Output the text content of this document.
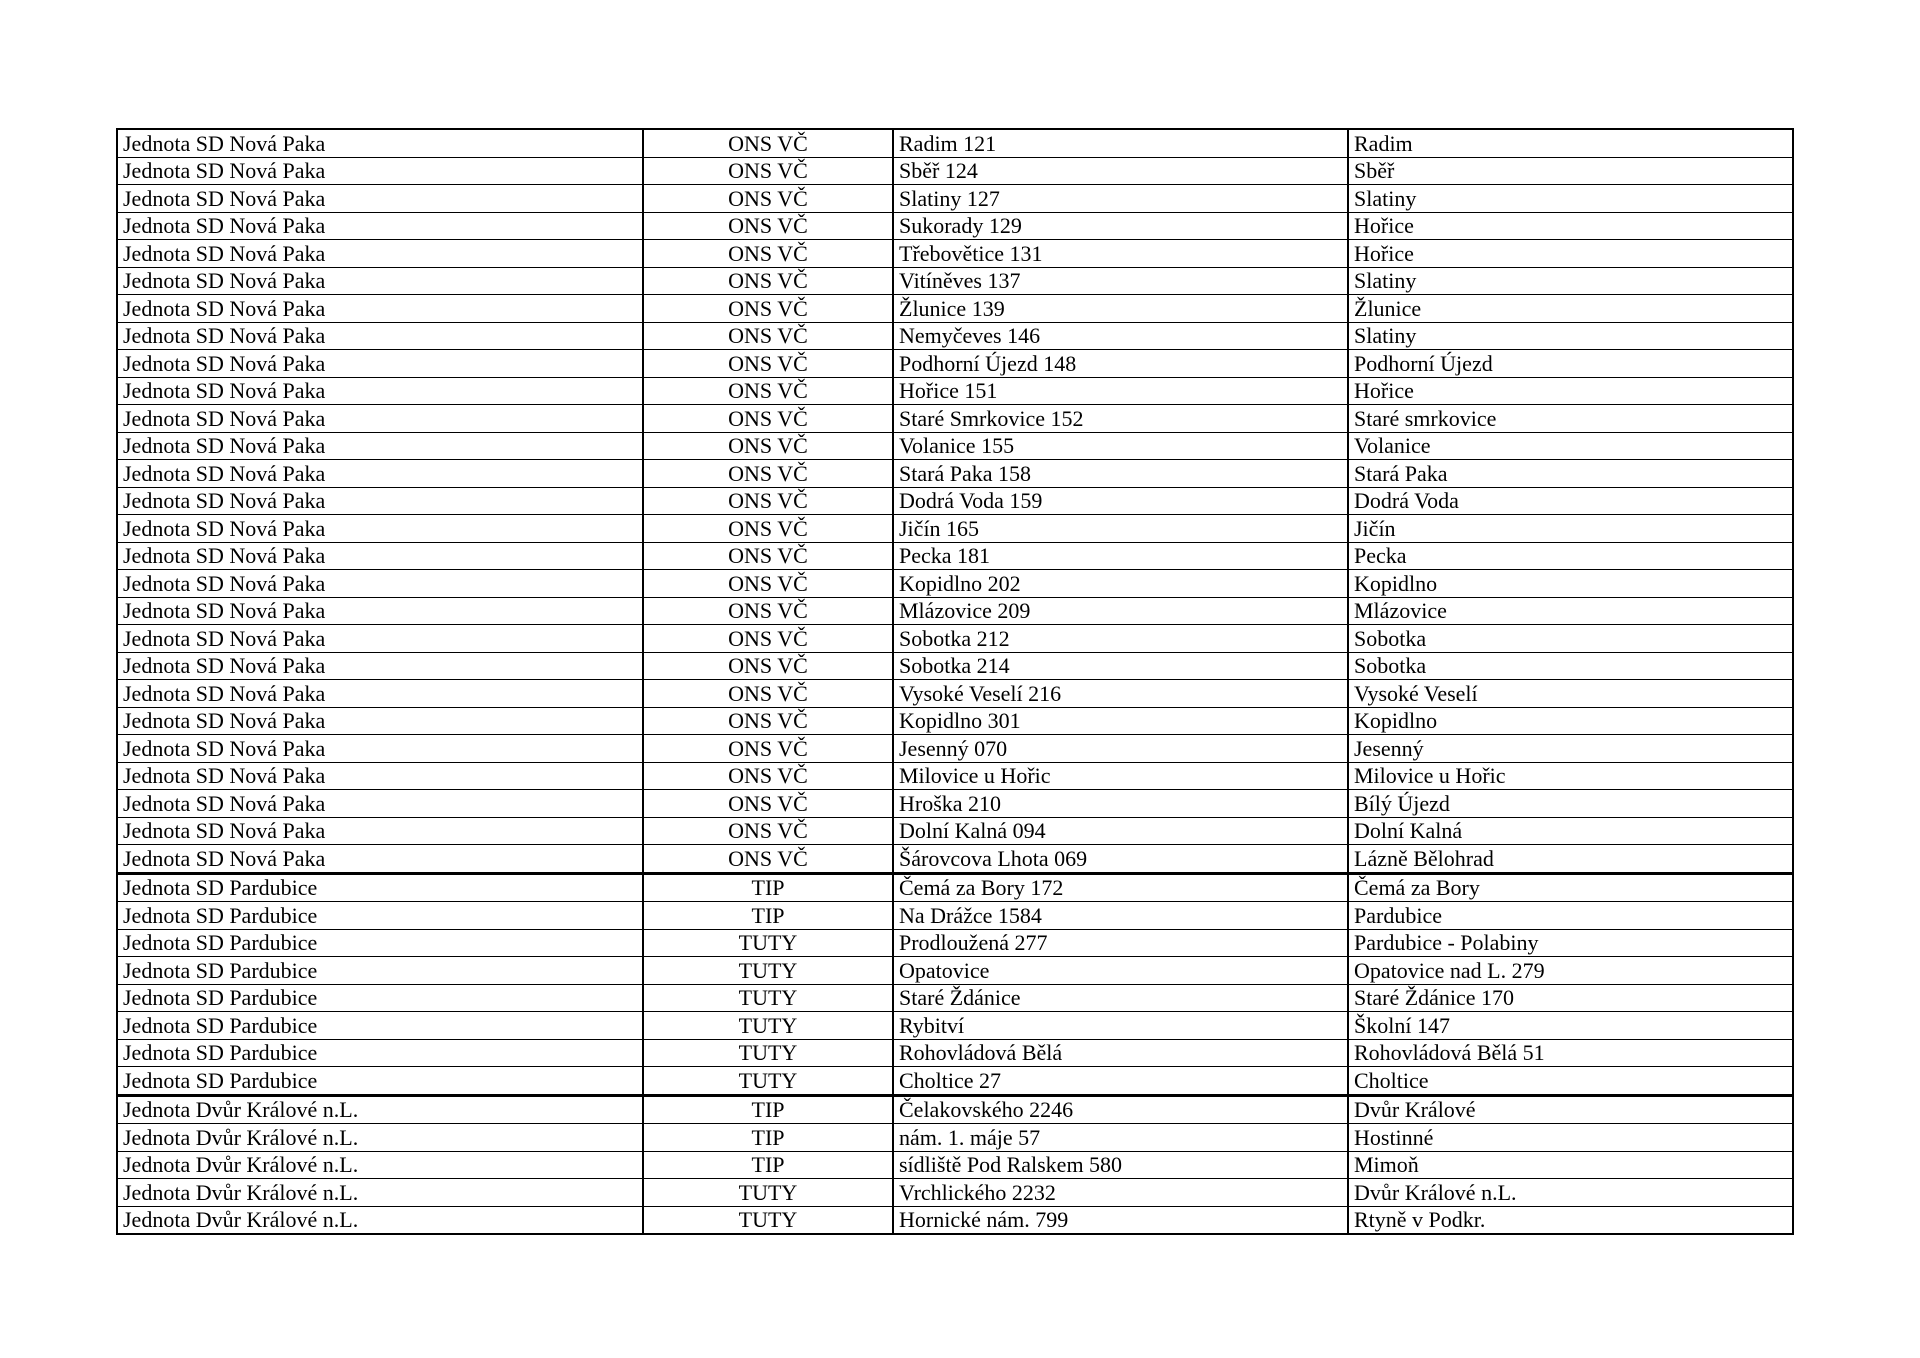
Jednota SD Nová Paka	ONS VČ	Radim 121	Radim
Jednota SD Nová Paka	ONS VČ	Sběř 124	Sběř
Jednota SD Nová Paka	ONS VČ	Slatiny 127	Slatiny
Jednota SD Nová Paka	ONS VČ	Sukorady 129	Hořice
Jednota SD Nová Paka	ONS VČ	Třebovětice 131	Hořice
Jednota SD Nová Paka	ONS VČ	Vitíněves 137	Slatiny
Jednota SD Nová Paka	ONS VČ	Žlunice 139	Žlunice
Jednota SD Nová Paka	ONS VČ	Nemyčeves 146	Slatiny
Jednota SD Nová Paka	ONS VČ	Podhorní Újezd 148	Podhorní Újezd
Jednota SD Nová Paka	ONS VČ	Hořice 151	Hořice
Jednota SD Nová Paka	ONS VČ	Staré Smrkovice 152	Staré smrkovice
Jednota SD Nová Paka	ONS VČ	Volanice 155	Volanice
Jednota SD Nová Paka	ONS VČ	Stará Paka 158	Stará Paka
Jednota SD Nová Paka	ONS VČ	Dodrá Voda 159	Dodrá Voda
Jednota SD Nová Paka	ONS VČ	Jičín 165	Jičín
Jednota SD Nová Paka	ONS VČ	Pecka 181	Pecka
Jednota SD Nová Paka	ONS VČ	Kopidlno 202	Kopidlno
Jednota SD Nová Paka	ONS VČ	Mlázovice 209	Mlázovice
Jednota SD Nová Paka	ONS VČ	Sobotka 212	Sobotka
Jednota SD Nová Paka	ONS VČ	Sobotka 214	Sobotka
Jednota SD Nová Paka	ONS VČ	Vysoké Veselí 216	Vysoké Veselí
Jednota SD Nová Paka	ONS VČ	Kopidlno 301	Kopidlno
Jednota SD Nová Paka	ONS VČ	Jesenný 070	Jesenný
Jednota SD Nová Paka	ONS VČ	Milovice u Hořic	Milovice u Hořic
Jednota SD Nová Paka	ONS VČ	Hroška 210	Bílý Újezd
Jednota SD Nová Paka	ONS VČ	Dolní Kalná 094	Dolní Kalná
Jednota SD Nová Paka	ONS VČ	Šárovcova Lhota 069	Lázně Bělohrad
Jednota SD Pardubice	TIP	Čemá za Bory 172	Čemá za Bory
Jednota SD Pardubice	TIP	Na Drážce 1584	Pardubice
Jednota SD Pardubice	TUTY	Prodloužená 277	Pardubice - Polabiny
Jednota SD Pardubice	TUTY	Opatovice	Opatovice nad L. 279
Jednota SD Pardubice	TUTY	Staré Ždánice	Staré Ždánice 170
Jednota SD Pardubice	TUTY	Rybitví	Školní 147
Jednota SD Pardubice	TUTY	Rohovládová Bělá	Rohovládová Bělá 51
Jednota SD Pardubice	TUTY	Choltice 27	Choltice
Jednota Dvůr Králové n.L.	TIP	Čelakovského 2246	Dvůr Králové
Jednota Dvůr Králové n.L.	TIP	nám. 1. máje 57	Hostinné
Jednota Dvůr Králové n.L.	TIP	sídliště Pod Ralskem 580	Mimoň
Jednota Dvůr Králové n.L.	TUTY	Vrchlického 2232	Dvůr Králové n.L.
Jednota Dvůr Králové n.L.	TUTY	Hornické nám. 799	Rtyně v Podkr.
